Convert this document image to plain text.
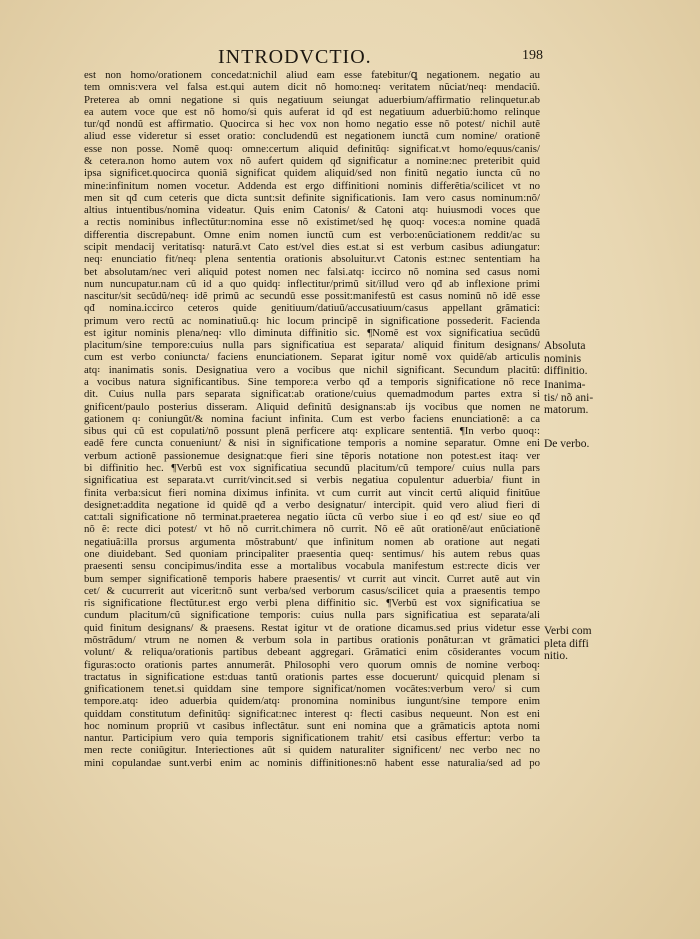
INTRODVCTIO.	198
est non homo/orationem concedat:nichil aliud eam esse fatebitur/ꝗ negationem. negatio au
tem omnis:vera vel falsa est.qui autem dicit nõ homo:neq꞉ veritatem nũciat/neq꞉ mendaciũ.
Preterea ab omni negatione si quis negatiuum seiungat aduerbium/affirmatio relinquetur.ab
ea autem voce que est nõ homo/si quis auferat id qđ est negatiuum aduerbiũ:homo relinque
tur/qđ nondũ est affirmatio. Quocirca si hec vox non homo negatio esse nõ potest/ nichil autẽ
aliud esse videretur si esset oratio: concludendũ est negationem iunctã cum nomine/ orationẽ
esse non posse. Nomẽ quoq꞉ omne:certum aliquid definitũq꞉ significat.vt homo/equus/canis/
& cetera.non homo autem vox nõ aufert quidem qđ significatur a nomine:nec preteribit quid
ipsa significet.quocirca quoniã significat quidem aliquid/sed non finitũ negatio iuncta cũ no
mine:infinitum nomen vocetur. Addenda est ergo diffinitioni nominis differẽtia/scilicet vt no
men sit qđ cum ceteris que dicta sunt:sit definite significationis. Iam vero casus nominum:nõ/
altius intuentibus/nomina videatur. Quis enim Catonis/ & Catoni atq꞉ huiusmodi voces que
a rectis nominibus inflectũtur:nomina esse nõ existimet/sed hę quoq꞉ voces:a nomine quadã
differentia discrepabunt. Omne enim nomen iunctũ cum est verbo:enũciationem reddit/ac su
scipit mendacij veritatisq꞉ naturã.vt Cato est/vel dies est.at si est verbum casibus adiungatur:
neq꞉ enunciatio fit/neq꞉ plena sententia orationis absoluitur.vt Catonis est:nec sententiam ha
bet absolutam/nec veri aliquid potest nomen nec falsi.atq꞉ iccirco nõ nomina sed casus nomi
num nuncupatur.nam cũ id a quo quidq꞉ inflectitur/primũ sit/illud vero qđ ab inflexione primi
nascitur/sit secũdũ/neq꞉ idẽ primũ ac secundũ esse possit:manifestũ est casus nominũ nõ idẽ esse
qđ nomina.iccirco ceteros quide genitiuum/datiuũ/accusatiuum/casus appellant grãmatici:
primum vero rectũ ac nominatiuũ.q꞉ hic locum principẽ in significatione possederit. Facienda
est igitur nominis plena/neq꞉ vllo diminuta diffinitio sic. ¶Nomẽ est vox significatiua secũdũ
placitum/sine tempore:cuius nulla pars significatiua est separata/ aliquid finitum designans/
cum est verbo coniuncta/ faciens enunciationem. Separat igitur nomẽ vox quidẽ/ab articulis
atq꞉ inanimatis sonis. Designatiua vero a vocibus que nichil significant. Secundum placitũ:
a vocibus natura significantibus. Sine tempore:a verbo qđ a temporis significatione nõ rece
dit. Cuius nulla pars separata significat:ab oratione/cuius quemadmodum partes extra si
gnificent/paulo posterius disseram. Aliquid definitũ designans:ab ijs vocibus que nomen ne
gationem q꞉ coniungũt/& nomina faciunt infinita. Cum est verbo faciens enunciationẽ: a ca
sibus qui cũ est copulati/nõ possunt plenã perficere atq꞉ explicare sententiã. ¶In verbo quoq꞉:
eadẽ fere cuncta conueniunt/ & nisi in significatione temporis a nomine separatur. Omne eni
verbum actionẽ passionemue designat:que fieri sine tẽporis notatione non potest.est itaq꞉ ver
bi diffinitio hec. ¶Verbũ est vox significatiua secundũ placitum/cũ tempore/ cuius nulla pars
significatiua est separata.vt currit/vincit.sed si verbis negatiua copulentur aduerbia/ fiunt in
finita verba:sicut fieri nomina diximus infinita. vt cum currit aut vincit certũ aliquid finitũue
designet:addita negatione id quidẽ qđ a verbo designatur/ intercipit. quid vero aliud fieri di
cat:tali significatione nõ terminat.praeterea negatio iũcta cũ verbo siue i eo qđ est/ siue eo qđ
nõ ẽ: recte dici potest/ vt hõ nõ currit.chimera nõ currit. Nõ eẽ aũt orationẽ/aut enũciationẽ
negatiuã:illa prorsus argumenta mõstrabunt/ que infinitum nomen ab oratione aut negati
one diuidebant. Sed quoniam principaliter praesentia queq꞉ sentimus/ his autem rebus quas
praesenti sensu concipimus/indita esse a mortalibus vocabula manifestum est:recte dicis ver
bum semper significationẽ temporis habere praesentis/ vt currit aut vincit. Curret autẽ aut vin
cet/ & cucurrerit aut vicerit:nõ sunt verba/sed verborum casus/scilicet quia a praesentis tempo
ris significatione flectũtur.est ergo verbi plena diffinitio sic. ¶Verbũ est vox significatiua se
cundum placitum/cũ significatione temporis: cuius nulla pars significatiua est separata/ali
quid finitum designans/ & praesens. Restat igitur vt de oratione dicamus.sed prius videtur esse
mõstrãdum/ vtrum ne nomen & verbum sola in partibus orationis ponãtur:an vt grãmatici
volunt/ & reliqua/orationis partibus debeant aggregari. Grãmatici enim cõsiderantes vocum
figuras:octo orationis partes annumerãt. Philosophi vero quorum omnis de nomine verboq꞉
tractatus in significatione est:duas tantũ orationis partes esse docuerunt/ quicquid plenam si
gnificationem tenet.si quiddam sine tempore significat/nomen vocãtes:verbum vero/ si cum
tempore.atq꞉ ideo aduerbia quidem/atq꞉ pronomina nominibus iungunt/sine tempore enim
quiddam constitutum definitũq꞉ significat:nec interest q꞉ flecti casibus nequeunt. Non est eni
hoc nominum propriũ vt casibus inflectãtur. sunt eni nomina que a grãmaticis aptota nomi
nantur. Participium vero quia temporis significationem trahit/ etsi casibus effertur: verbo ta
men recte coniũgitur. Interiectiones aũt si quidem naturaliter significent/ nec verbo nec no
mini copulandae sunt.verbi enim ac nominis diffinitiones:nõ habent esse naturalia/sed ad po
Absoluta
nominis
diffinitio.
Inanima-
tis/ nõ ani-
matorum.
De verbo.
Verbi com
pleta diffi
nitio.
